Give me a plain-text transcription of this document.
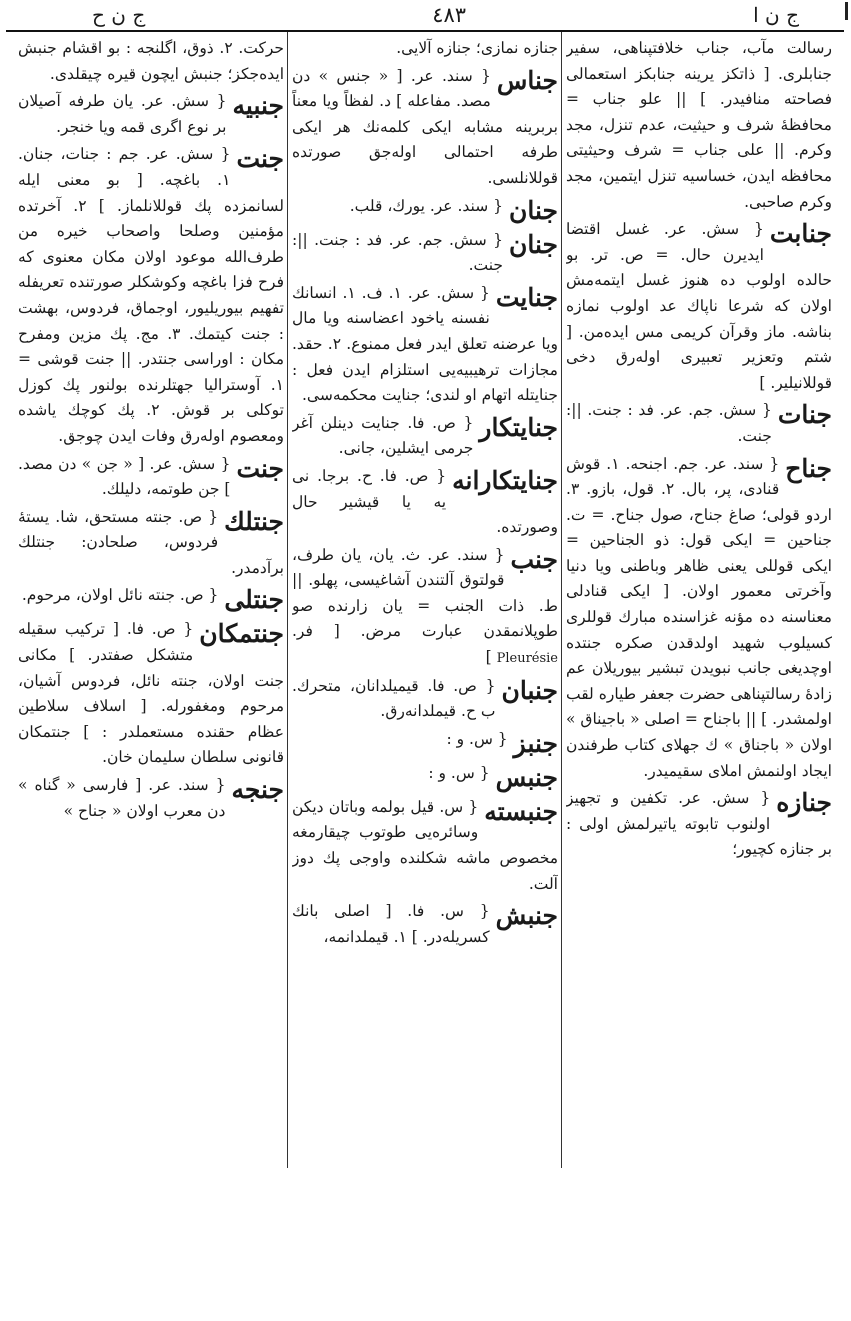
ج ن ح	٤٨٣	ج ن ا
رسالت مآب، جناب خلافتپناهی، سفیر جنابلری. [ ذاتکز یرینه جنابکز استعمالی فصاحته منافیدر. ] || علو جناب = محافظهٔ شرف و حیثیت، عدم تنزل، مجد وکرم. || علی جناب = شرف وحیثیتی محافظه ایدن، خساسیه تنزل ایتمین، مجد وکرم صاحبی.
جنابت
{ سش. عر. غسل اقتضا ایدیرن حال. = ص. تر. بو حالده اولوب ده هنوز غسل ایتمه‌مش اولان که شرعا ناپاك عد اولوب نمازه بناشه. ماز وقرآن کریمی مس ایده‌من. [ شتم وتعزیر تعبیری اوله‌رق دخی قوللانیلیر. ]
جنات
{ سش. جم. عر. فد : جنت. ||: جنت.
جناح
{ سند. عر. جم. اجنحه. ۱. قوش قنادی، پر، بال. ۲. قول، بازو. ۳. اردو قولی؛ صاغ جناح، صول جناح. = ت. جناحین = ایکی قول: ذو الجناحین = ایکی قوللی یعنی ظاهر وباطنی ویا دنیا وآخرتی معمور اولان. [ ایکی قنادلی معناسنه ده مؤنه غزاسنده مبارك قوللری کسیلوب شهید اولدقدن صکره جنتده اوچدیغی جانب نبویدن تبشیر بیوریلان عم زادهٔ رسالتپناهی حضرت جعفر طیاره لقب اولمشدر. ] || باجناح = اصلی « باجیناق » اولان « باجناق » ك جهلای کتاب طرفندن ایجاد اولنمش املای سقیمیدر.
جنازه
{ سش. عر. تکفین و تجهیز اولنوب تابوته یاتیرلمش اولی : بر جنازه کچیور؛
جنازه نمازی؛ جنازه آلایی.
جناس
{ سند. عر. [ « جنس » دن مصد. مفاعله ] د. لفظاً ویا معناً بربرینه مشابه ایکی کلمه‌نك هر ایکی طرفه احتمالی اوله‌جق صورتده قوللانلسی.
جنان
{ سند. عر. یورك، قلب.
جنان
{ سش. جم. عر. فد : جنت. ||: جنت.
جنایت
{ سش. عر. ۱. ف. ۱. انسانك نفسنه یاخود اعضاسنه ویا مال ویا عرضنه تعلق ایدر فعل ممنوع. ۲. حقد. مجازات ترهیبیه‌یی استلزام ایدن فعل : جنایتله اتهام او لندی؛ جنایت محکمه‌سی.
جنایتکار
{ ص. فا. جنایت دینلن آغر جرمی ایشلین، جانی.
جنایتکارانه
{ ص. فا. ح. برجا. نی یه یا قیشیر حال وصورتده.
جنب
{ سند. عر. ث. یان، یان طرف، قولتوق آلتندن آشاغیسی، پهلو. || ط. ذات الجنب = یان زارنده صو طوپلانمقدن عبارت مرض. [ فر. Pleurésie ]
جنبان
{ ص. فا. قیمیلدانان، متحرك. ب ح. قیملدانه‌رق.
جنبز
{ س. و :
جنبس
{ س. و :
جنبسته
{ س. قیل بولمه وباتان دیکن وسائره‌یی طوتوب چیقارمغه مخصوص ماشه شکلنده واوجی پك دوز آلت.
جنبش
{ س. فا. [ اصلی بانك کسریله‌در. ] ۱. قیملدانمه،
حرکت. ۲. ذوق، اگلنجه : بو اقشام جنبش ایده‌جکز؛ جنبش ایچون قیره چیقلدی.
جنبیه
{ سش. عر. یان طرفه آصیلان بر نوع اگری قمه ویا خنجر.
جنت
{ سش. عر. جم : جنات، جنان. ۱. باغچه. [ بو معنی ایله لسانمزده پك قوللانلماز. ] ۲. آخرتده مؤمنین وصلحا واصحاب خیره من طرف‌الله موعود اولان مکان معنوی که فرح فزا باغچه وکوشکلر صورتنده تعریفله تفهیم بیوریلیور، اوجماق، فردوس، بهشت : جنت کیتمك. ٣. مج. پك مزین ومفرح مکان : اوراسی جنتدر. || جنت قوشی = ۱. آوستراليا جهتلرنده بولنور پك کوزل توکلی بر قوش. ۲. پك کوچك یاشده ومعصوم اوله‌رق وفات ایدن چوجق.
جنت
{ سش. عر. [ « جن » دن مصد. ] جن طوتمه، دلیلك.
جنتلك
{ ص. جنته مستحق، شا. یستهٔ فردوس، صلحادن: جنتلك برآدمدر.
جنتلی
{ ص. جنته نائل اولان، مرحوم.
جنتمکان
{ ص. فا. [ ترکیب سقیله متشکل صفتدر. ] مکانی جنت اولان، جنته نائل، فردوس آشیان، مرحوم ومغفورله. [ اسلاف سلاطین عظام حقنده مستعملدر : ] جنتمکان قانونی سلطان سلیمان خان.
جنجه
{ سند. عر. [ فارسی « گناه » دن معرب اولان « جناح »
